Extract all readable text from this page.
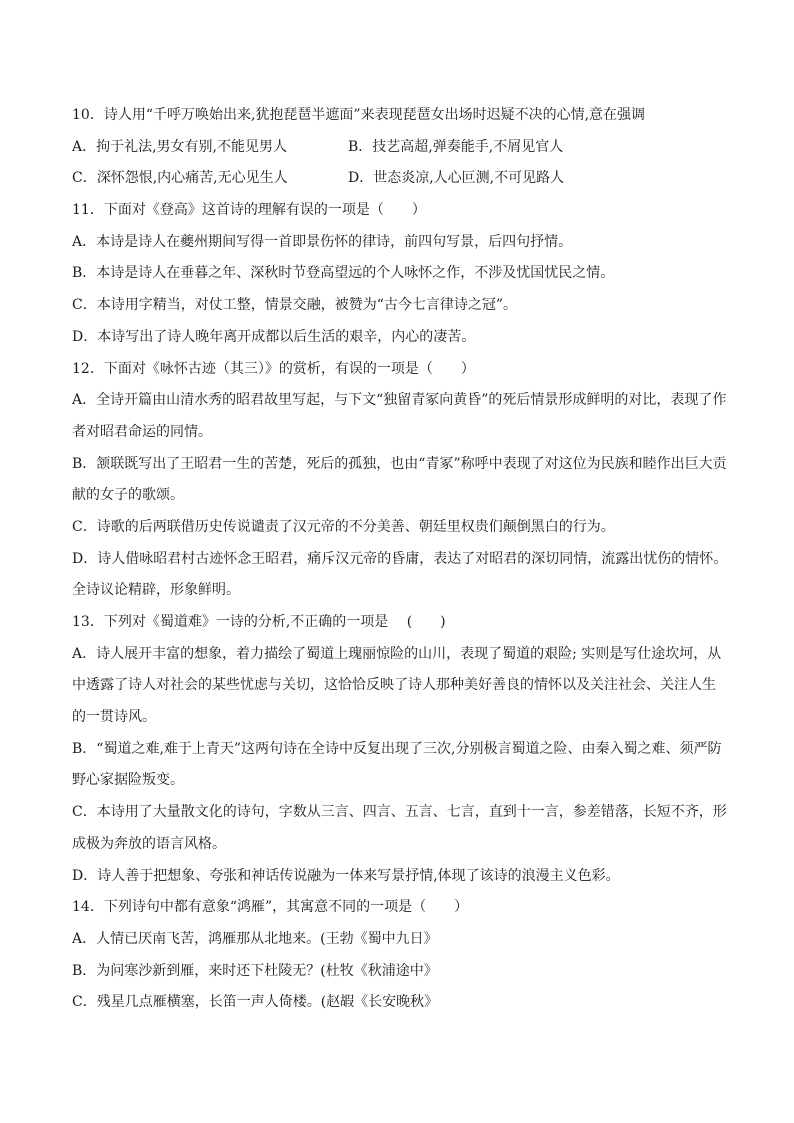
10．诗人用“千呼万唤始出来,犹抱琵琶半遮面”来表现琵琶女出场时迟疑不决的心情,意在强调
A．拘于礼法,男女有别,不能见男人	B．技艺高超,弹奏能手,不屑见官人
C．深怀怨恨,内心痛苦,无心见生人	D．世态炎凉,人心叵测,不可见路人
11．下面对《登高》这首诗的理解有误的一项是（　　）
A．本诗是诗人在夔州期间写得一首即景伤怀的律诗，前四句写景，后四句抒情。
B．本诗是诗人在垂暮之年、深秋时节登高望远的个人咏怀之作，不涉及忧国忧民之情。
C．本诗用字精当，对仗工整，情景交融，被赞为“古今七言律诗之冠”。
D．本诗写出了诗人晚年离开成都以后生活的艰辛，内心的凄苦。
12．下面对《咏怀古迹（其三）》的赏析，有误的一项是（　　）
A．全诗开篇由山清水秀的昭君故里写起，与下文“独留青冢向黄昏”的死后情景形成鲜明的对比，表现了作
者对昭君命运的同情。
B．颔联既写出了王昭君一生的苦楚，死后的孤独，也由“青冢”称呼中表现了对这位为民族和睦作出巨大贡
献的女子的歌颂。
C．诗歌的后两联借历史传说谴责了汉元帝的不分美善、朝廷里权贵们颠倒黑白的行为。
D．诗人借咏昭君村古迹怀念王昭君，痛斥汉元帝的昏庸，表达了对昭君的深切同情，流露出忧伤的情怀。
全诗议论精辟，形象鲜明。
13．下列对《蜀道难》一诗的分析,不正确的一项是　 (　　)
A．诗人展开丰富的想象，着力描绘了蜀道上瑰丽惊险的山川，表现了蜀道的艰险; 实则是写仕途坎坷，从
中透露了诗人对社会的某些忧虑与关切，这恰恰反映了诗人那种美好善良的情怀以及关注社会、关注人生
的一贯诗风。
B．“蜀道之难,难于上青天”这两句诗在全诗中反复出现了三次,分别极言蜀道之险、由秦入蜀之难、须严防
野心家据险叛变。
C．本诗用了大量散文化的诗句，字数从三言、四言、五言、七言，直到十一言，参差错落，长短不齐，形
成极为奔放的语言风格。
D．诗人善于把想象、夸张和神话传说融为一体来写景抒情,体现了该诗的浪漫主义色彩。
14．下列诗句中都有意象“鸿雁”，其寓意不同的一项是（　　）
A．人情已厌南飞苦，鸿雁那从北地来。(王勃《蜀中九日》
B．为问寒沙新到雁，来时还下杜陵无？(杜牧《秋浦途中》
C．残星几点雁横塞，长笛一声人倚楼。(赵嘏《长安晚秋》
